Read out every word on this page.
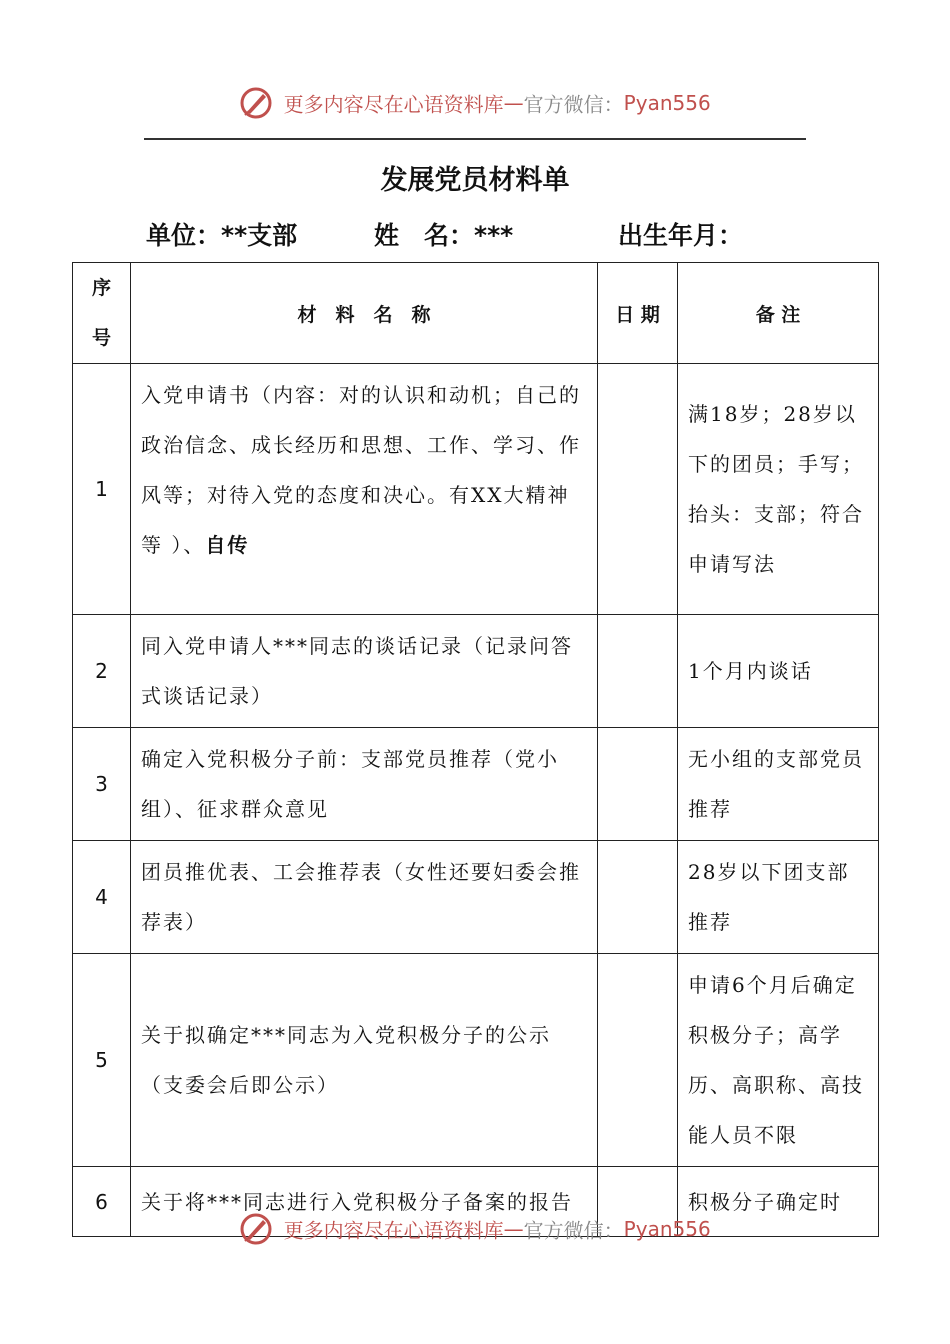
更多内容尽在心语资料库—官方微信：Pyan556
发展党员材料单
单位：**支部	姓　名：***	出生年月：
序
号	材　料　名　称	日 期	备 注
1	入党申请书（内容：对的认识和动机；自己的政治信念、成长经历和思想、工作、学习、作风等；对待入党的态度和决心。有XX大精神等 ）、自传		满18岁；28岁以下的团员；手写；抬头：支部；符合申请写法
2	同入党申请人***同志的谈话记录（记录问答式谈话记录）		1个月内谈话
3	确定入党积极分子前：支部党员推荐（党小组）、征求群众意见		无小组的支部党员推荐
4	团员推优表、工会推荐表（女性还要妇委会推荐表）		28岁以下团支部推荐
5	关于拟确定***同志为入党积极分子的公示（支委会后即公示）		申请6个月后确定积极分子；高学历、高职称、高技能人员不限
6	关于将***同志进行入党积极分子备案的报告		积极分子确定时
更多内容尽在心语资料库—官方微信：Pyan556
